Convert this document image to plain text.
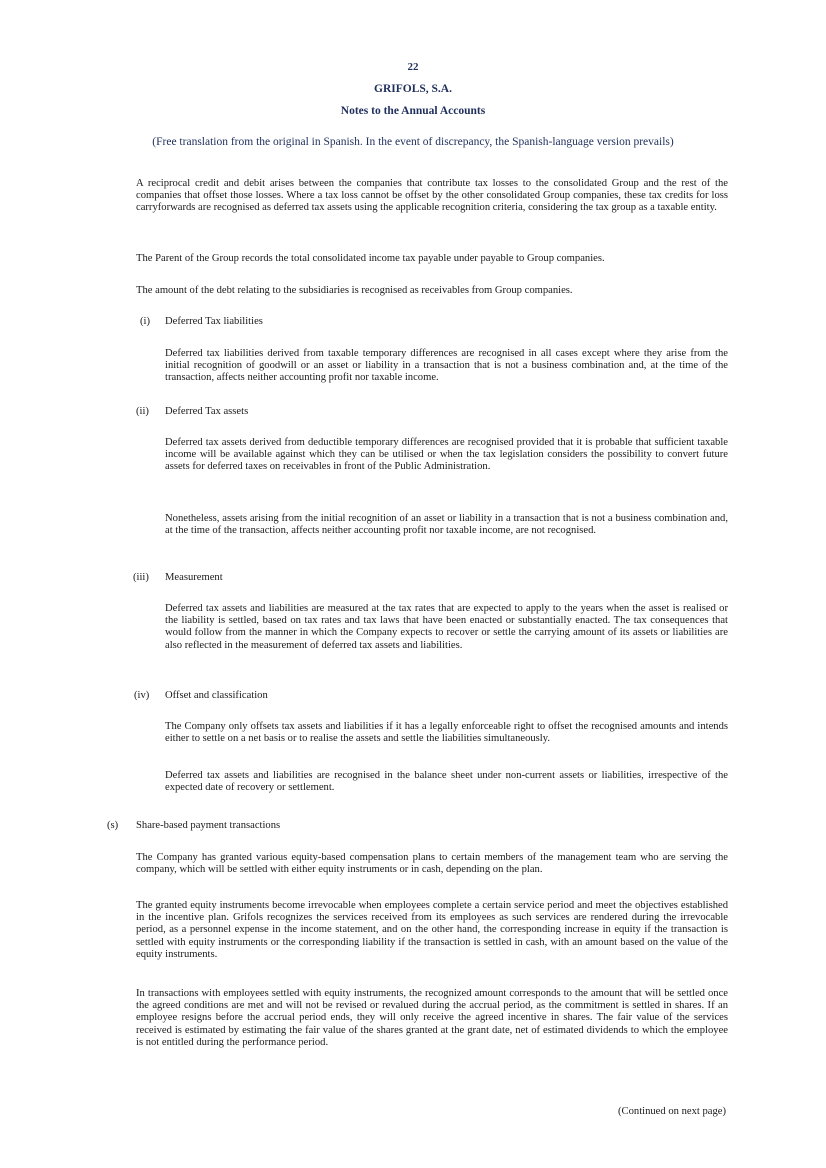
22
GRIFOLS, S.A.
Notes to the Annual Accounts
(Free translation from the original in Spanish. In the event of discrepancy, the Spanish-language version prevails)

A reciprocal credit and debit arises between the companies that contribute tax losses to the consolidated Group and the rest of the companies that offset those losses. Where a tax loss cannot be offset by the other consolidated Group companies, these tax credits for loss carryforwards are recognised as deferred tax assets using the applicable recognition criteria, considering the tax group as a taxable entity.

The Parent of the Group records the total consolidated income tax payable under payable to Group companies.

The amount of the debt relating to the subsidiaries is recognised as receivables from Group companies.

(i) Deferred Tax liabilities

Deferred tax liabilities derived from taxable temporary differences are recognised in all cases except where they arise from the initial recognition of goodwill or an asset or liability in a transaction that is not a business combination and, at the time of the transaction, affects neither accounting profit nor taxable income.

(ii) Deferred Tax assets

Deferred tax assets derived from deductible temporary differences are recognised provided that it is probable that sufficient taxable income will be available against which they can be utilised or when the tax legislation considers the possibility to convert future assets for deferred taxes on receivables in front of the Public Administration.

Nonetheless, assets arising from the initial recognition of an asset or liability in a transaction that is not a business combination and, at the time of the transaction, affects neither accounting profit nor taxable income, are not recognised.

(iii) Measurement

Deferred tax assets and liabilities are measured at the tax rates that are expected to apply to the years when the asset is realised or the liability is settled, based on tax rates and tax laws that have been enacted or substantially enacted. The tax consequences that would follow from the manner in which the Company expects to recover or settle the carrying amount of its assets or liabilities are also reflected in the measurement of deferred tax assets and liabilities.

(iv) Offset and classification

The Company only offsets tax assets and liabilities if it has a legally enforceable right to offset the recognised amounts and intends either to settle on a net basis or to realise the assets and settle the liabilities simultaneously.

Deferred tax assets and liabilities are recognised in the balance sheet under non-current assets or liabilities, irrespective of the expected date of recovery or settlement.

(s) Share-based payment transactions

The Company has granted various equity-based compensation plans to certain members of the management team who are serving the company, which will be settled with either equity instruments or in cash, depending on the plan.

The granted equity instruments become irrevocable when employees complete a certain service period and meet the objectives established in the incentive plan. Grifols recognizes the services received from its employees as such services are rendered during the irrevocable period, as a personnel expense in the income statement, and on the other hand, the corresponding increase in equity if the transaction is settled with equity instruments or the corresponding liability if the transaction is settled in cash, with an amount based on the value of the equity instruments.

In transactions with employees settled with equity instruments, the recognized amount corresponds to the amount that will be settled once the agreed conditions are met and will not be revised or revalued during the accrual period, as the commitment is settled in shares. If an employee resigns before the accrual period ends, they will only receive the agreed incentive in shares. The fair value of the services received is estimated by estimating the fair value of the shares granted at the grant date, net of estimated dividends to which the employee is not entitled during the performance period.

(Continued on next page)
